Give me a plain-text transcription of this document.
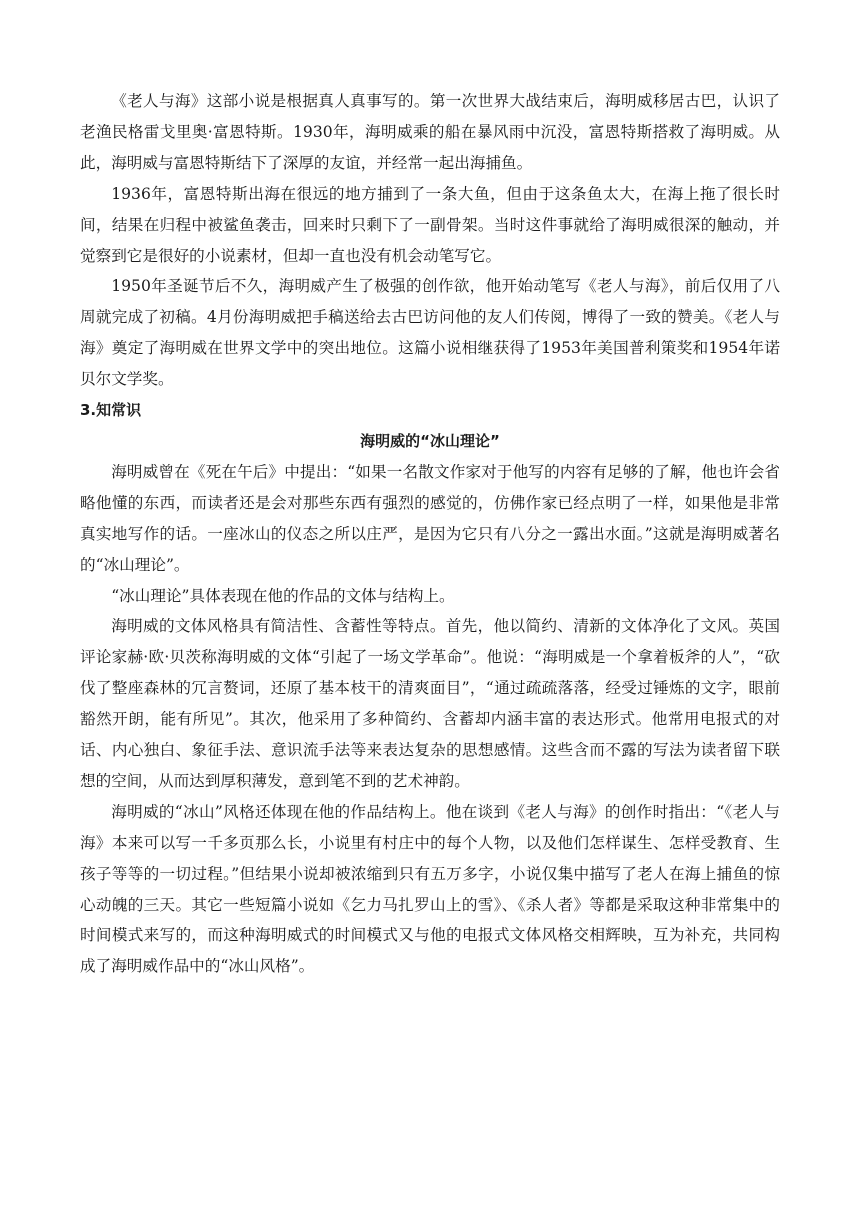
《老人与海》这部小说是根据真人真事写的。第一次世界大战结束后，海明威移居古巴，认识了老渔民格雷戈里奥·富恩特斯。1930年，海明威乘的船在暴风雨中沉没，富恩特斯搭救了海明威。从此，海明威与富恩特斯结下了深厚的友谊，并经常一起出海捕鱼。

1936年，富恩特斯出海在很远的地方捕到了一条大鱼，但由于这条鱼太大，在海上拖了很长时间，结果在归程中被鲨鱼袭击，回来时只剩下了一副骨架。当时这件事就给了海明威很深的触动，并觉察到它是很好的小说素材，但却一直也没有机会动笔写它。

1950年圣诞节后不久，海明威产生了极强的创作欲，他开始动笔写《老人与海》，前后仅用了八周就完成了初稿。4月份海明威把手稿送给去古巴访问他的友人们传阅，博得了一致的赞美。《老人与海》奠定了海明威在世界文学中的突出地位。这篇小说相继获得了1953年美国普利策奖和1954年诺贝尔文学奖。

3.知常识

海明威的“冰山理论”

海明威曾在《死在午后》中提出：“如果一名散文作家对于他写的内容有足够的了解，他也许会省略他懂的东西，而读者还是会对那些东西有强烈的感觉的，仿佛作家已经点明了一样，如果他是非常真实地写作的话。一座冰山的仪态之所以庄严，是因为它只有八分之一露出水面。”这就是海明威著名的“冰山理论”。

“冰山理论”具体表现在他的作品的文体与结构上。

海明威的文体风格具有简洁性、含蓄性等特点。首先，他以简约、清新的文体净化了文风。英国评论家赫·欧·贝茨称海明威的文体“引起了一场文学革命”。他说：“海明威是一个拿着板斧的人”，“砍伐了整座森林的冗言赘词，还原了基本枝干的清爽面目”，“通过疏疏落落，经受过锤炼的文字，眼前豁然开朗，能有所见”。其次，他采用了多种简约、含蓄却内涵丰富的表达形式。他常用电报式的对话、内心独白、象征手法、意识流手法等来表达复杂的思想感情。这些含而不露的写法为读者留下联想的空间，从而达到厚积薄发，意到笔不到的艺术神韵。

海明威的“冰山”风格还体现在他的作品结构上。他在谈到《老人与海》的创作时指出：“《老人与海》本来可以写一千多页那么长，小说里有村庄中的每个人物，以及他们怎样谋生、怎样受教育、生孩子等等的一切过程。”但结果小说却被浓缩到只有五万多字，小说仅集中描写了老人在海上捕鱼的惊心动魄的三天。其它一些短篇小说如《乞力马扎罗山上的雪》、《杀人者》等都是采取这种非常集中的时间模式来写的，而这种海明威式的时间模式又与他的电报式文体风格交相辉映，互为补充，共同构成了海明威作品中的“冰山风格”。
